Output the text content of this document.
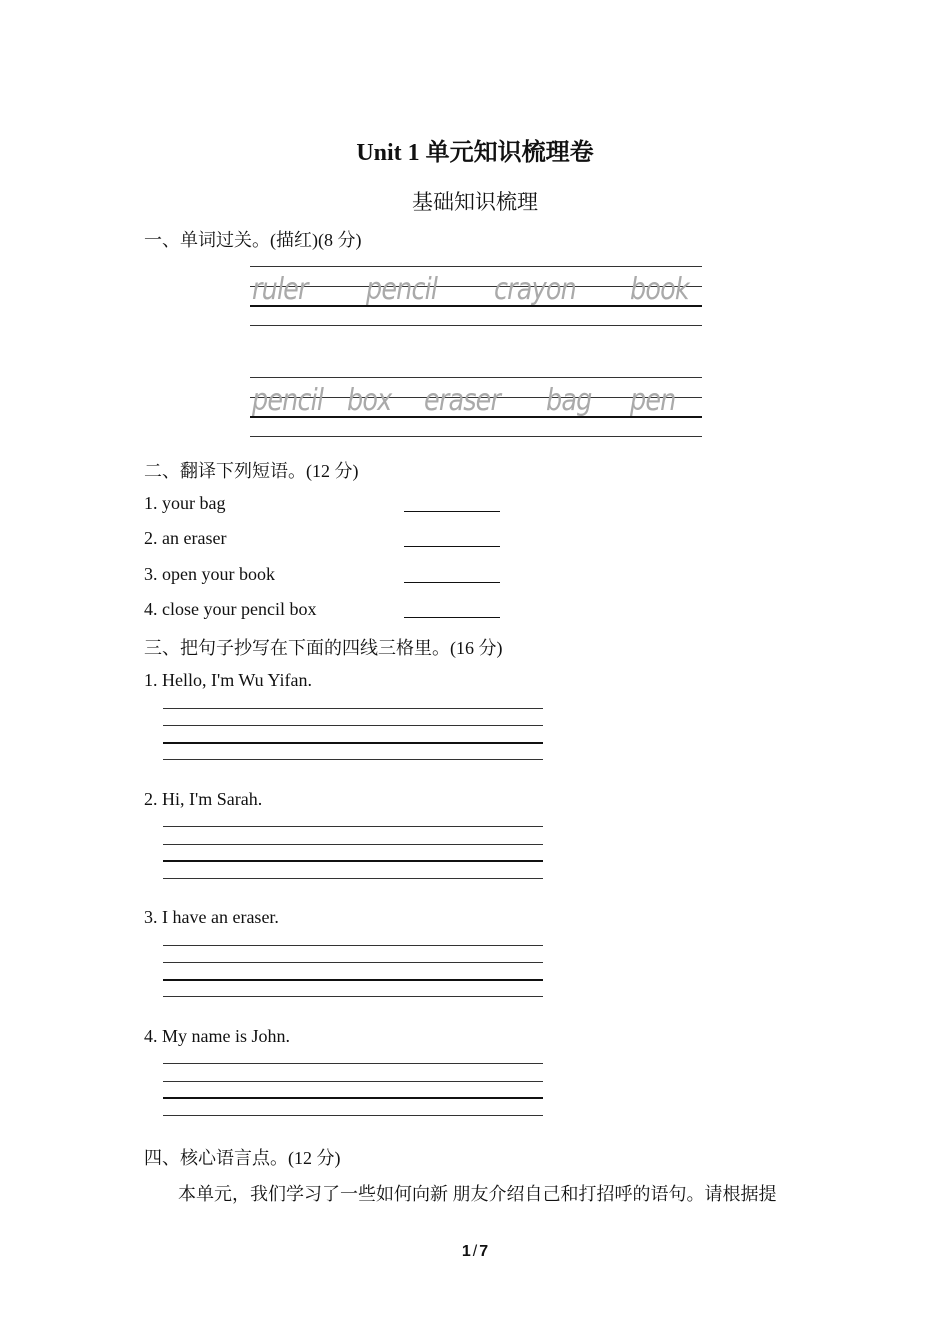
Unit 1 单元知识梳理卷
基础知识梳理
一、单词过关。(描红)(8 分)
ruler pencil crayon book
pencil box eraser bag pen
二、翻译下列短语。(12 分)
1. your bag
2. an eraser
3. open your book
4. close your pencil box
三、把句子抄写在下面的四线三格里。(16 分)
1. Hello, I'm Wu Yifan.
2. Hi, I'm Sarah.
3. I have an eraser.
4. My name is John.
四、核心语言点。(12 分)
本单元，我们学习了一些如何向新 朋友介绍自己和打招呼的语句。请根据提
1 / 7
